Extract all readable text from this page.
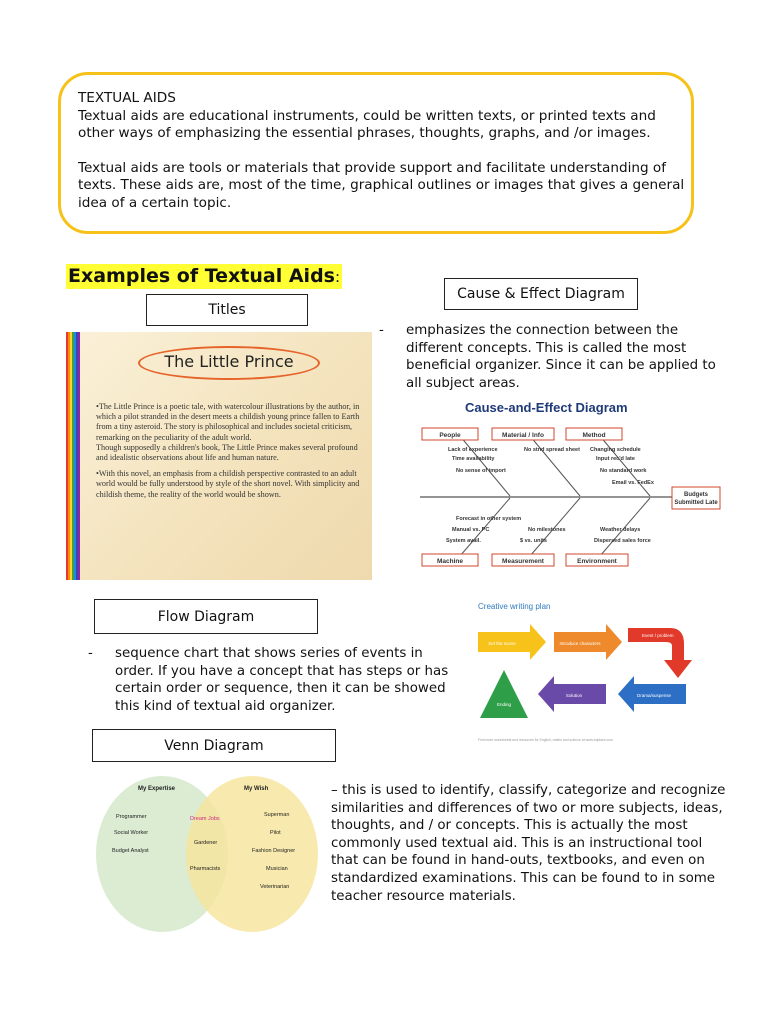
TEXTUAL AIDS

Textual aids are educational instruments, could be written texts, or printed texts and other ways of emphasizing the essential phrases, thoughts, graphs, and /or images.

Textual aids are tools or materials that provide support and facilitate understanding of texts. These aids are, most of the time, graphical outlines or images that gives a general idea of a certain topic.

Examples of Textual Aids:
Titles
Cause & Effect Diagram
The Little Prince

•The Little Prince is a poetic tale, with watercolour illustrations by the author, in which a pilot stranded in the desert meets a childish young prince fallen to Earth from a tiny asteroid. The story is philosophical and includes societal criticism, remarking on the peculiarity of the adult world.

Though supposedly a children's book, The Little Prince makes several profound and idealistic observations about life and human nature.

•With this novel, an emphasis from a childish perspective contrasted to an adult world would be fully understood by style of the short novel. With simplicity and childish theme, the reality of the world would be shown.

- emphasizes the connection between the different concepts. This is called the most beneficial organizer. Since it can be applied to all subject areas.
Cause-and-Effect Diagram
People	Material / Info	Method
Machine	Measurement	Environment
Budgets
Submitted Late
Lack of experience
Time availability
No sense of import
No stnd spread sheet Changing schedule
Input rec'd late
No standard work
Email vs. FedEx
Forecast in other system
Manual vs. PC
System avail.
No milestones
$ vs. units
Weather delays
Dispersed sales force
Flow Diagram
- sequence chart that shows series of events in order. If you have a concept that has steps or has certain order or sequence, then it can be showed this kind of textual aid organizer.
Creative writing plan
Set the scene	Introduce characters
Event / problem
Drama/suspense
Solution
Ending
Find more worksheets and resources for English, maths and science at www.edplace.com
Venn Diagram
My Expertise	My Wish
Programmer
Social Worker
Budget Analyst
Dream Jobs
Gardener
Pharmacists
Superman
Pilot
Fashion Designer
Musician
Veterinarian
– this is used to identify, classify, categorize and recognize similarities and differences of two or more subjects, ideas, thoughts, and / or concepts. This is actually the most commonly used textual aid. This is an instructional tool that can be found in hand-outs, textbooks, and even on standardized examinations. This can be found to in some teacher resource materials.
